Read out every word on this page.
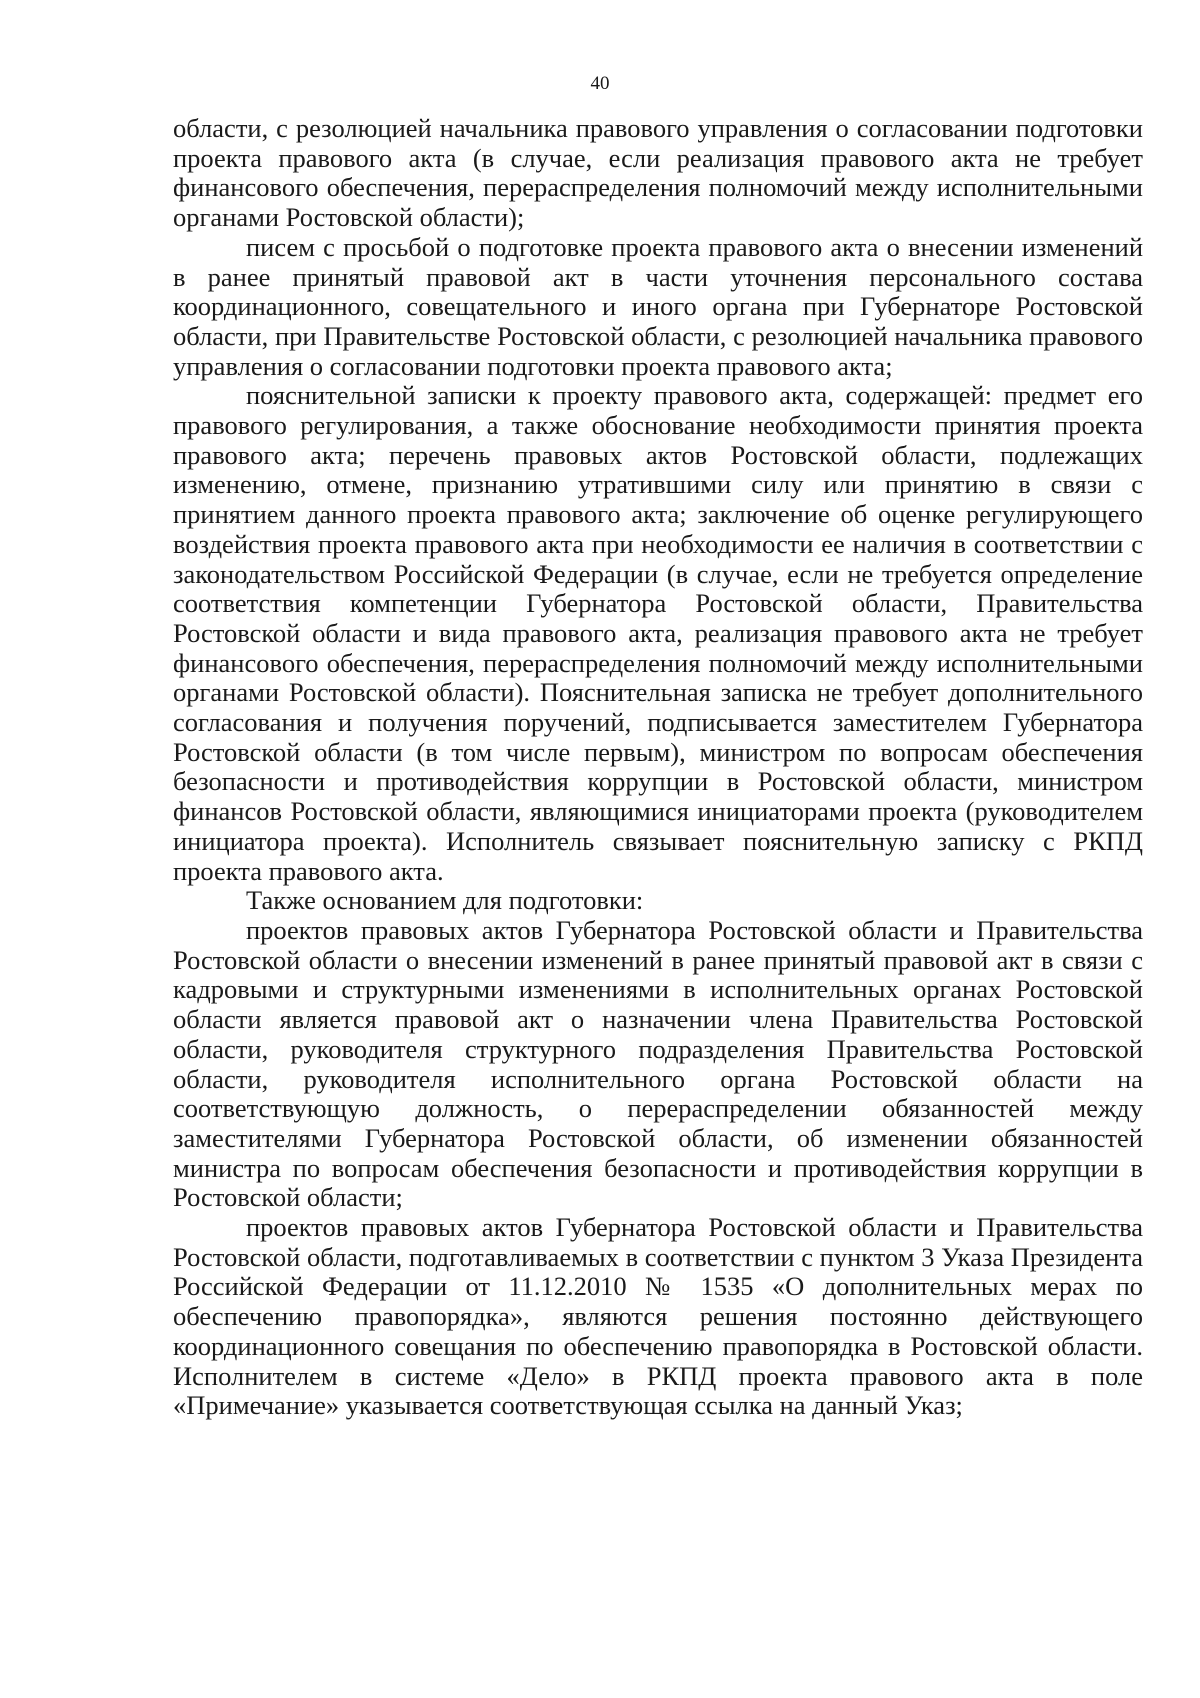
40

области, с резолюцией начальника правового управления о согласовании подготовки проекта правового акта (в случае, если реализация правового акта не требует финансового обеспечения, перераспределения полномочий между исполнительными органами Ростовской области);

писем с просьбой о подготовке проекта правового акта о внесении изменений в ранее принятый правовой акт в части уточнения персонального состава координационного, совещательного и иного органа при Губернаторе Ростовской области, при Правительстве Ростовской области, с резолюцией начальника правового управления о согласовании подготовки проекта правового акта;

пояснительной записки к проекту правового акта, содержащей: предмет его правового регулирования, а также обоснование необходимости принятия проекта правового акта; перечень правовых актов Ростовской области, подлежащих изменению, отмене, признанию утратившими силу или принятию в связи с принятием данного проекта правового акта; заключение об оценке регулирующего воздействия проекта правового акта при необходимости ее наличия в соответствии с законодательством Российской Федерации (в случае, если не требуется определение соответствия компетенции Губернатора Ростовской области, Правительства Ростовской области и вида правового акта, реализация правового акта не требует финансового обеспечения, перераспределения полномочий между исполнительными органами Ростовской области). Пояснительная записка не требует дополнительного согласования и получения поручений, подписывается заместителем Губернатора Ростовской области (в том числе первым), министром по вопросам обеспечения безопасности и противодействия коррупции в Ростовской области, министром финансов Ростовской области, являющимися инициаторами проекта (руководителем инициатора проекта). Исполнитель связывает пояснительную записку с РКПД проекта правового акта.

Также основанием для подготовки:

проектов правовых актов Губернатора Ростовской области и Правительства Ростовской области о внесении изменений в ранее принятый правовой акт в связи с кадровыми и структурными изменениями в исполнительных органах Ростовской области является правовой акт о назначении члена Правительства Ростовской области, руководителя структурного подразделения Правительства Ростовской области, руководителя исполнительного органа Ростовской области на соответствующую должность, о перераспределении обязанностей между заместителями Губернатора Ростовской области, об изменении обязанностей министра по вопросам обеспечения безопасности и противодействия коррупции в Ростовской области;

проектов правовых актов Губернатора Ростовской области и Правительства Ростовской области, подготавливаемых в соответствии с пунктом 3 Указа Президента Российской Федерации от 11.12.2010 № 1535 «О дополнительных мерах по обеспечению правопорядка», являются решения постоянно действующего координационного совещания по обеспечению правопорядка в Ростовской области. Исполнителем в системе «Дело» в РКПД проекта правового акта в поле «Примечание» указывается соответствующая ссылка на данный Указ;
